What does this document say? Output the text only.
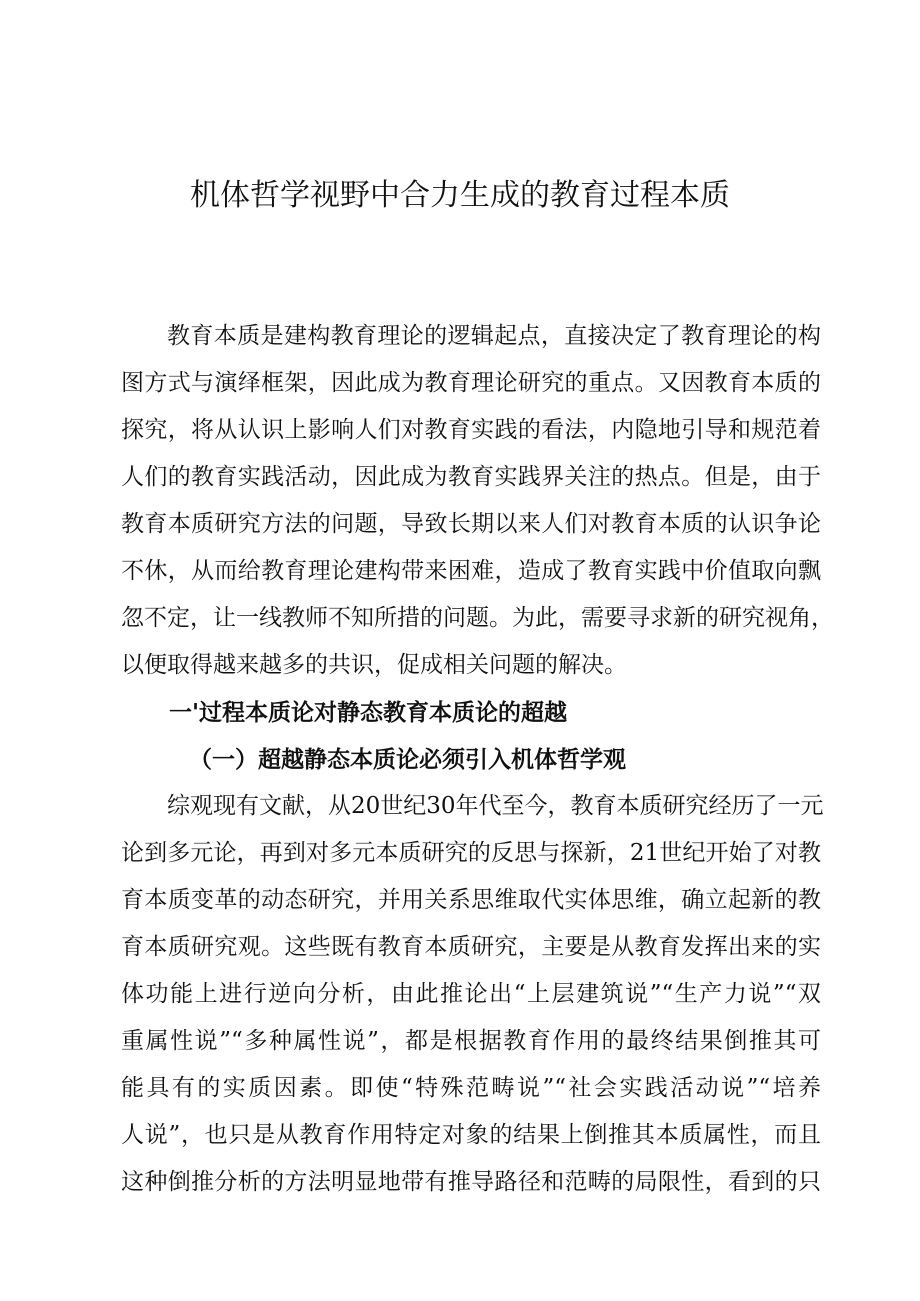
机体哲学视野中合力生成的教育过程本质
教育本质是建构教育理论的逻辑起点，直接决定了教育理论的构
图方式与演绎框架，因此成为教育理论研究的重点。又因教育本质的
探究，将从认识上影响人们对教育实践的看法，内隐地引导和规范着
人们的教育实践活动，因此成为教育实践界关注的热点。但是，由于
教育本质研究方法的问题，导致长期以来人们对教育本质的认识争论
不休，从而给教育理论建构带来困难，造成了教育实践中价值取向飘
忽不定，让一线教师不知所措的问题。为此，需要寻求新的研究视角，
以便取得越来越多的共识，促成相关问题的解决。
一'过程本质论对静态教育本质论的超越
（一）超越静态本质论必须引入机体哲学观
综观现有文献，从20世纪30年代至今，教育本质研究经历了一元
论到多元论，再到对多元本质研究的反思与探新，21世纪开始了对教
育本质变革的动态研究，并用关系思维取代实体思维，确立起新的教
育本质研究观。这些既有教育本质研究，主要是从教育发挥出来的实
体功能上进行逆向分析，由此推论出“上层建筑说”“生产力说”“双
重属性说”“多种属性说”，都是根据教育作用的最终结果倒推其可
能具有的实质因素。即使“特殊范畴说”“社会实践活动说”“培养
人说”，也只是从教育作用特定对象的结果上倒推其本质属性，而且
这种倒推分析的方法明显地带有推导路径和范畴的局限性，看到的只
